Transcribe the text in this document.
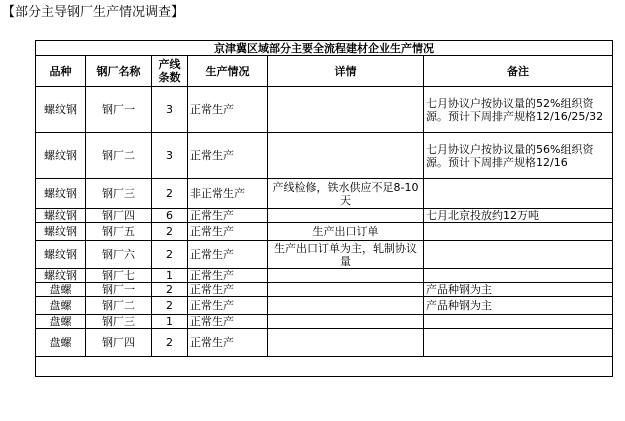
【部分主导钢厂生产情况调查】
京津冀区域部分主要全流程建材企业生产情况					
品种	钢厂名称	产线条数	生产情况	详情	备注
螺纹钢	钢厂一	3	正常生产		七月协议户按协议量的52%组织资源。预计下周排产规格12/16/25/32
螺纹钢	钢厂二	3	正常生产		七月协议户按协议量的56%组织资源。预计下周排产规格12/16
螺纹钢	钢厂三	2	非正常生产	产线检修，铁水供应不足8-10天	
螺纹钢	钢厂四	6	正常生产		七月北京投放约12万吨
螺纹钢	钢厂五	2	正常生产	生产出口订单	
螺纹钢	钢厂六	2	正常生产	生产出口订单为主，轧制协议量	
螺纹钢	钢厂七	1	正常生产		
盘螺	钢厂一	2	正常生产		产品种钢为主
盘螺	钢厂二	2	正常生产		产品种钢为主
盘螺	钢厂三	1	正常生产		
盘螺	钢厂四	2	正常生产		
